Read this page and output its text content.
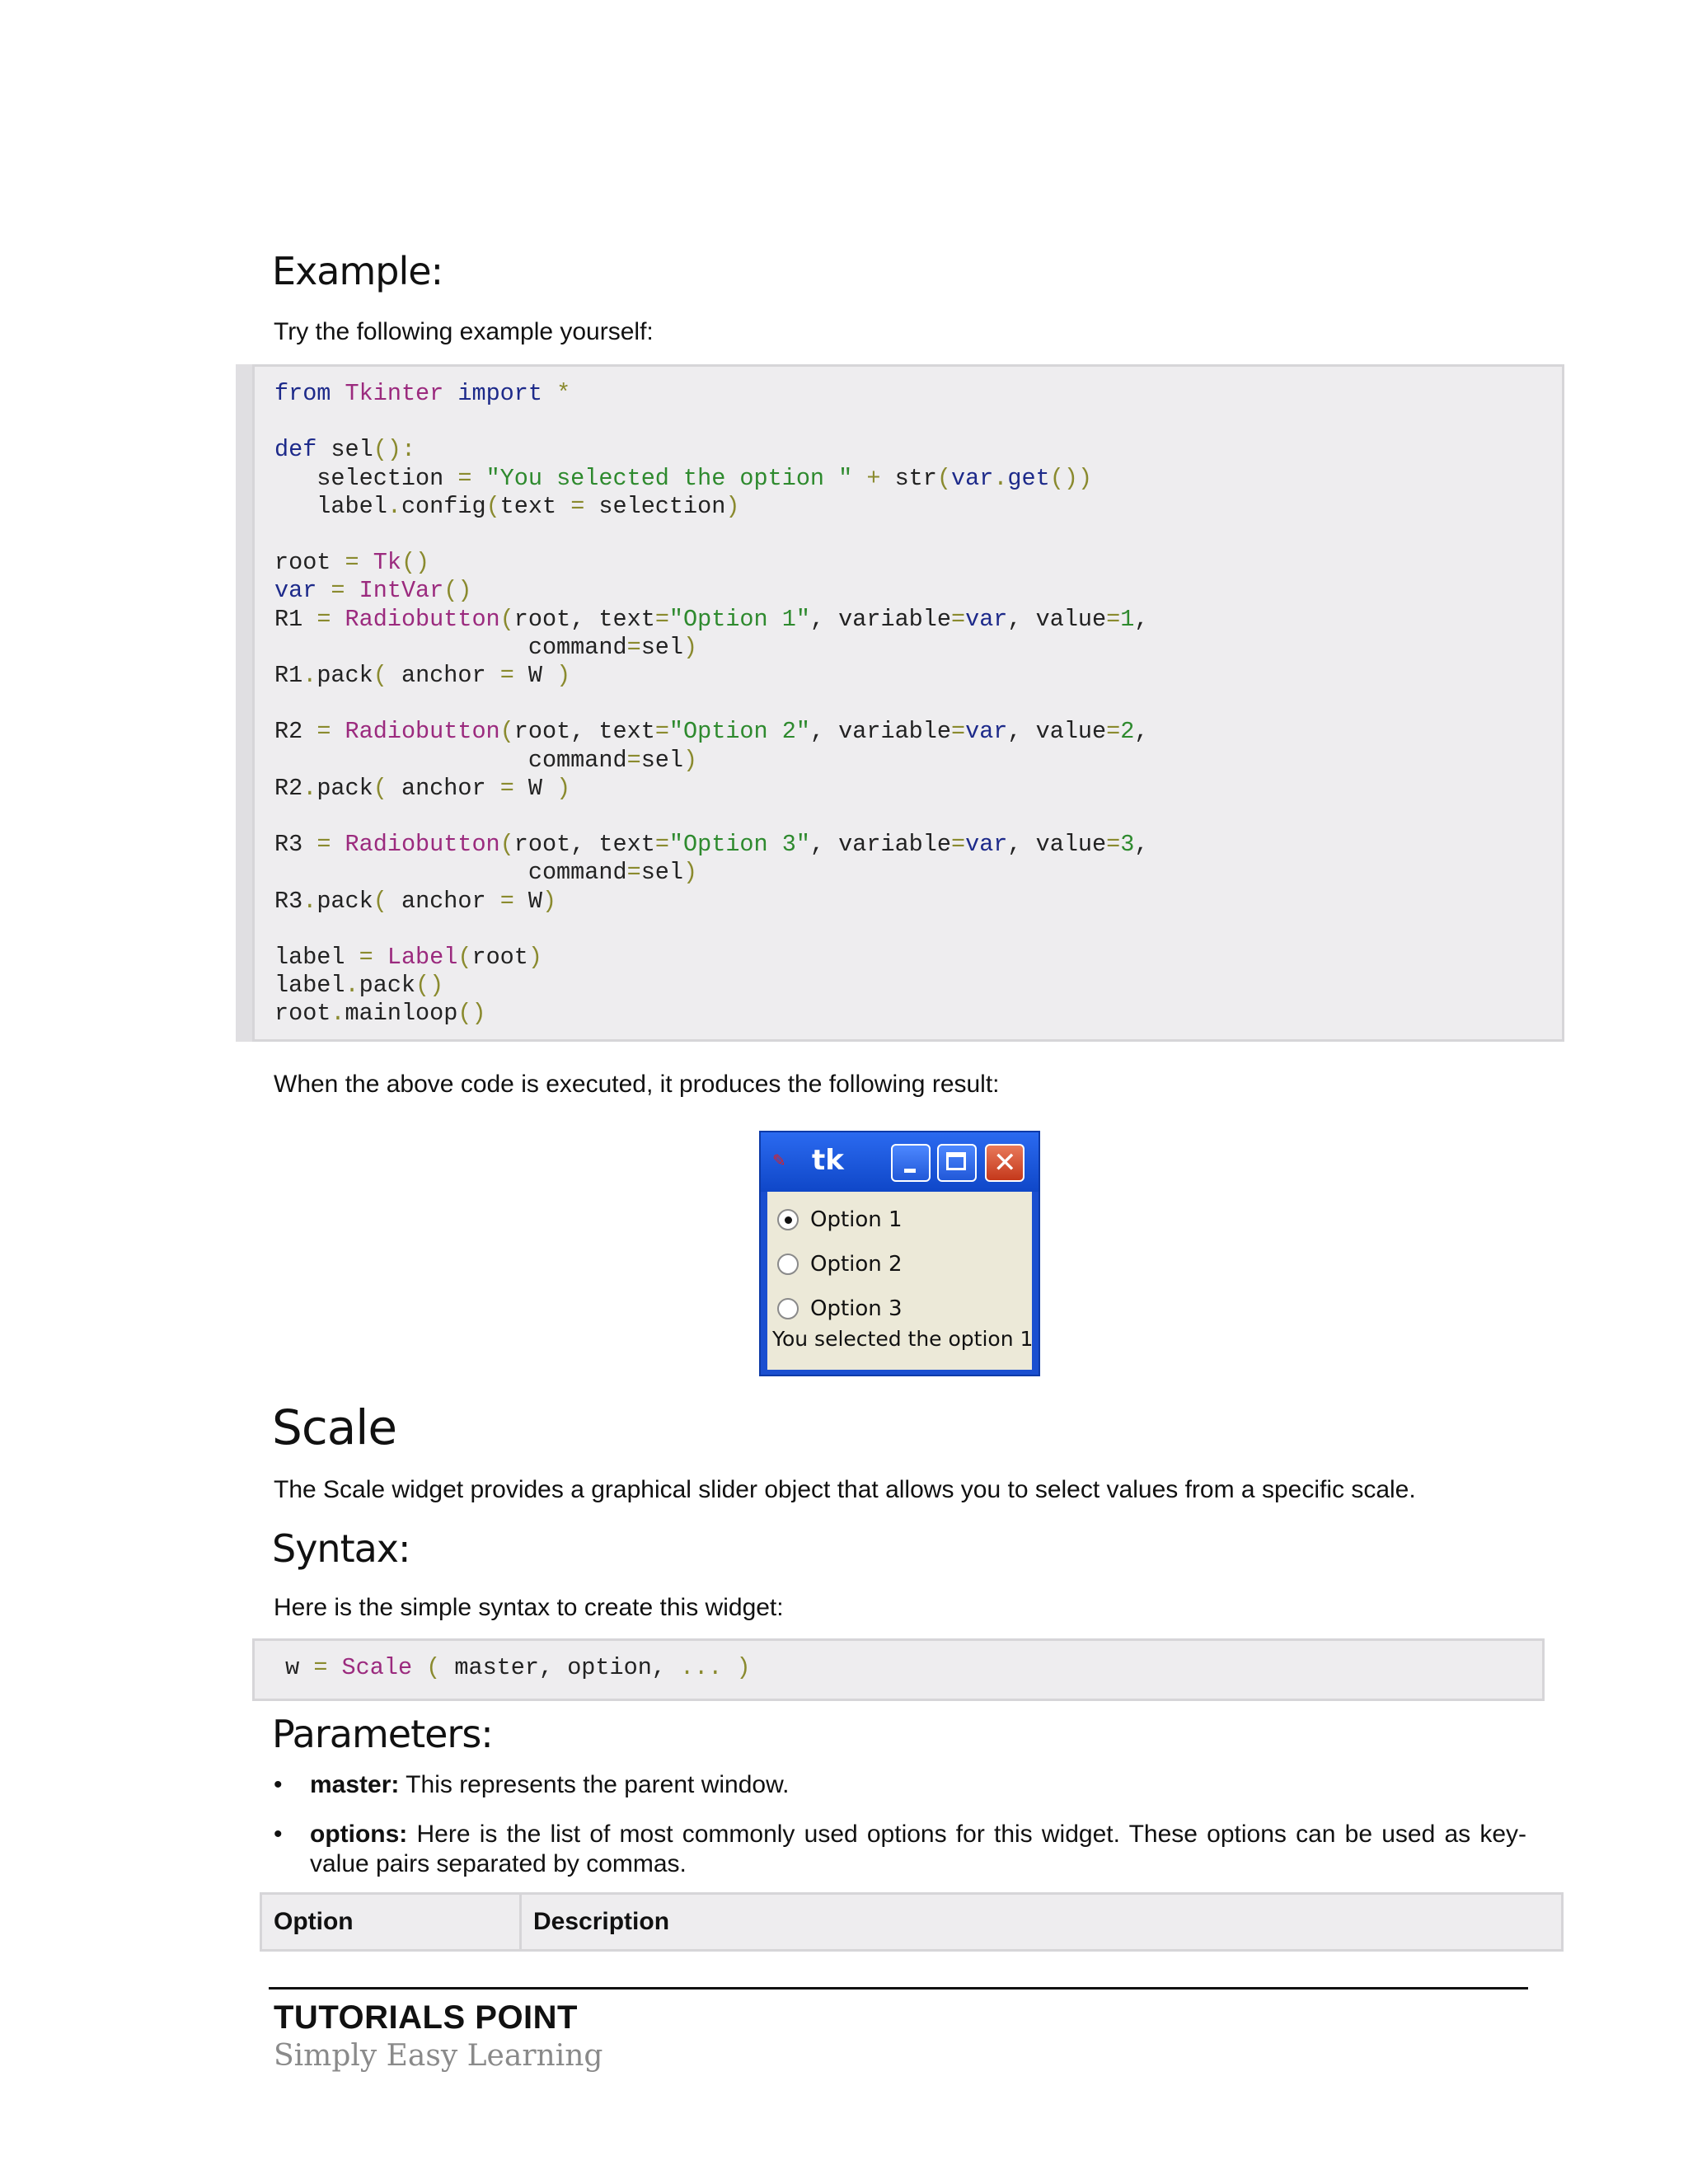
Example:

Try the following example yourself:

from Tkinter import *

def sel():
selection = "You selected the option " + str(var.get())
label.config(text = selection)

root = Tk()
var = IntVar()
R1 = Radiobutton(root, text="Option 1", variable=var, value=1,
command=sel)
R1.pack( anchor = W )

R2 = Radiobutton(root, text="Option 2", variable=var, value=2,
command=sel)
R2.pack( anchor = W )

R3 = Radiobutton(root, text="Option 3", variable=var, value=3,
command=sel)
R3.pack( anchor = W)

label = Label(root)
label.pack()
root.mainloop()

When the above code is executed, it produces the following result:

✎ tk	✕
Option 1
Option 2
Option 3
You selected the option 1
Scale

The Scale widget provides a graphical slider object that allows you to select values from a specific scale.

Syntax:

Here is the simple syntax to create this widget:

w = Scale ( master, option, ... )
Parameters:
• master: This represents the parent window.
• options: Here is the list of most commonly used options for this widget. These options can be used as key-value pairs separated by commas.
Option	Description
TUTORIALS POINT
Simply Easy Learning
